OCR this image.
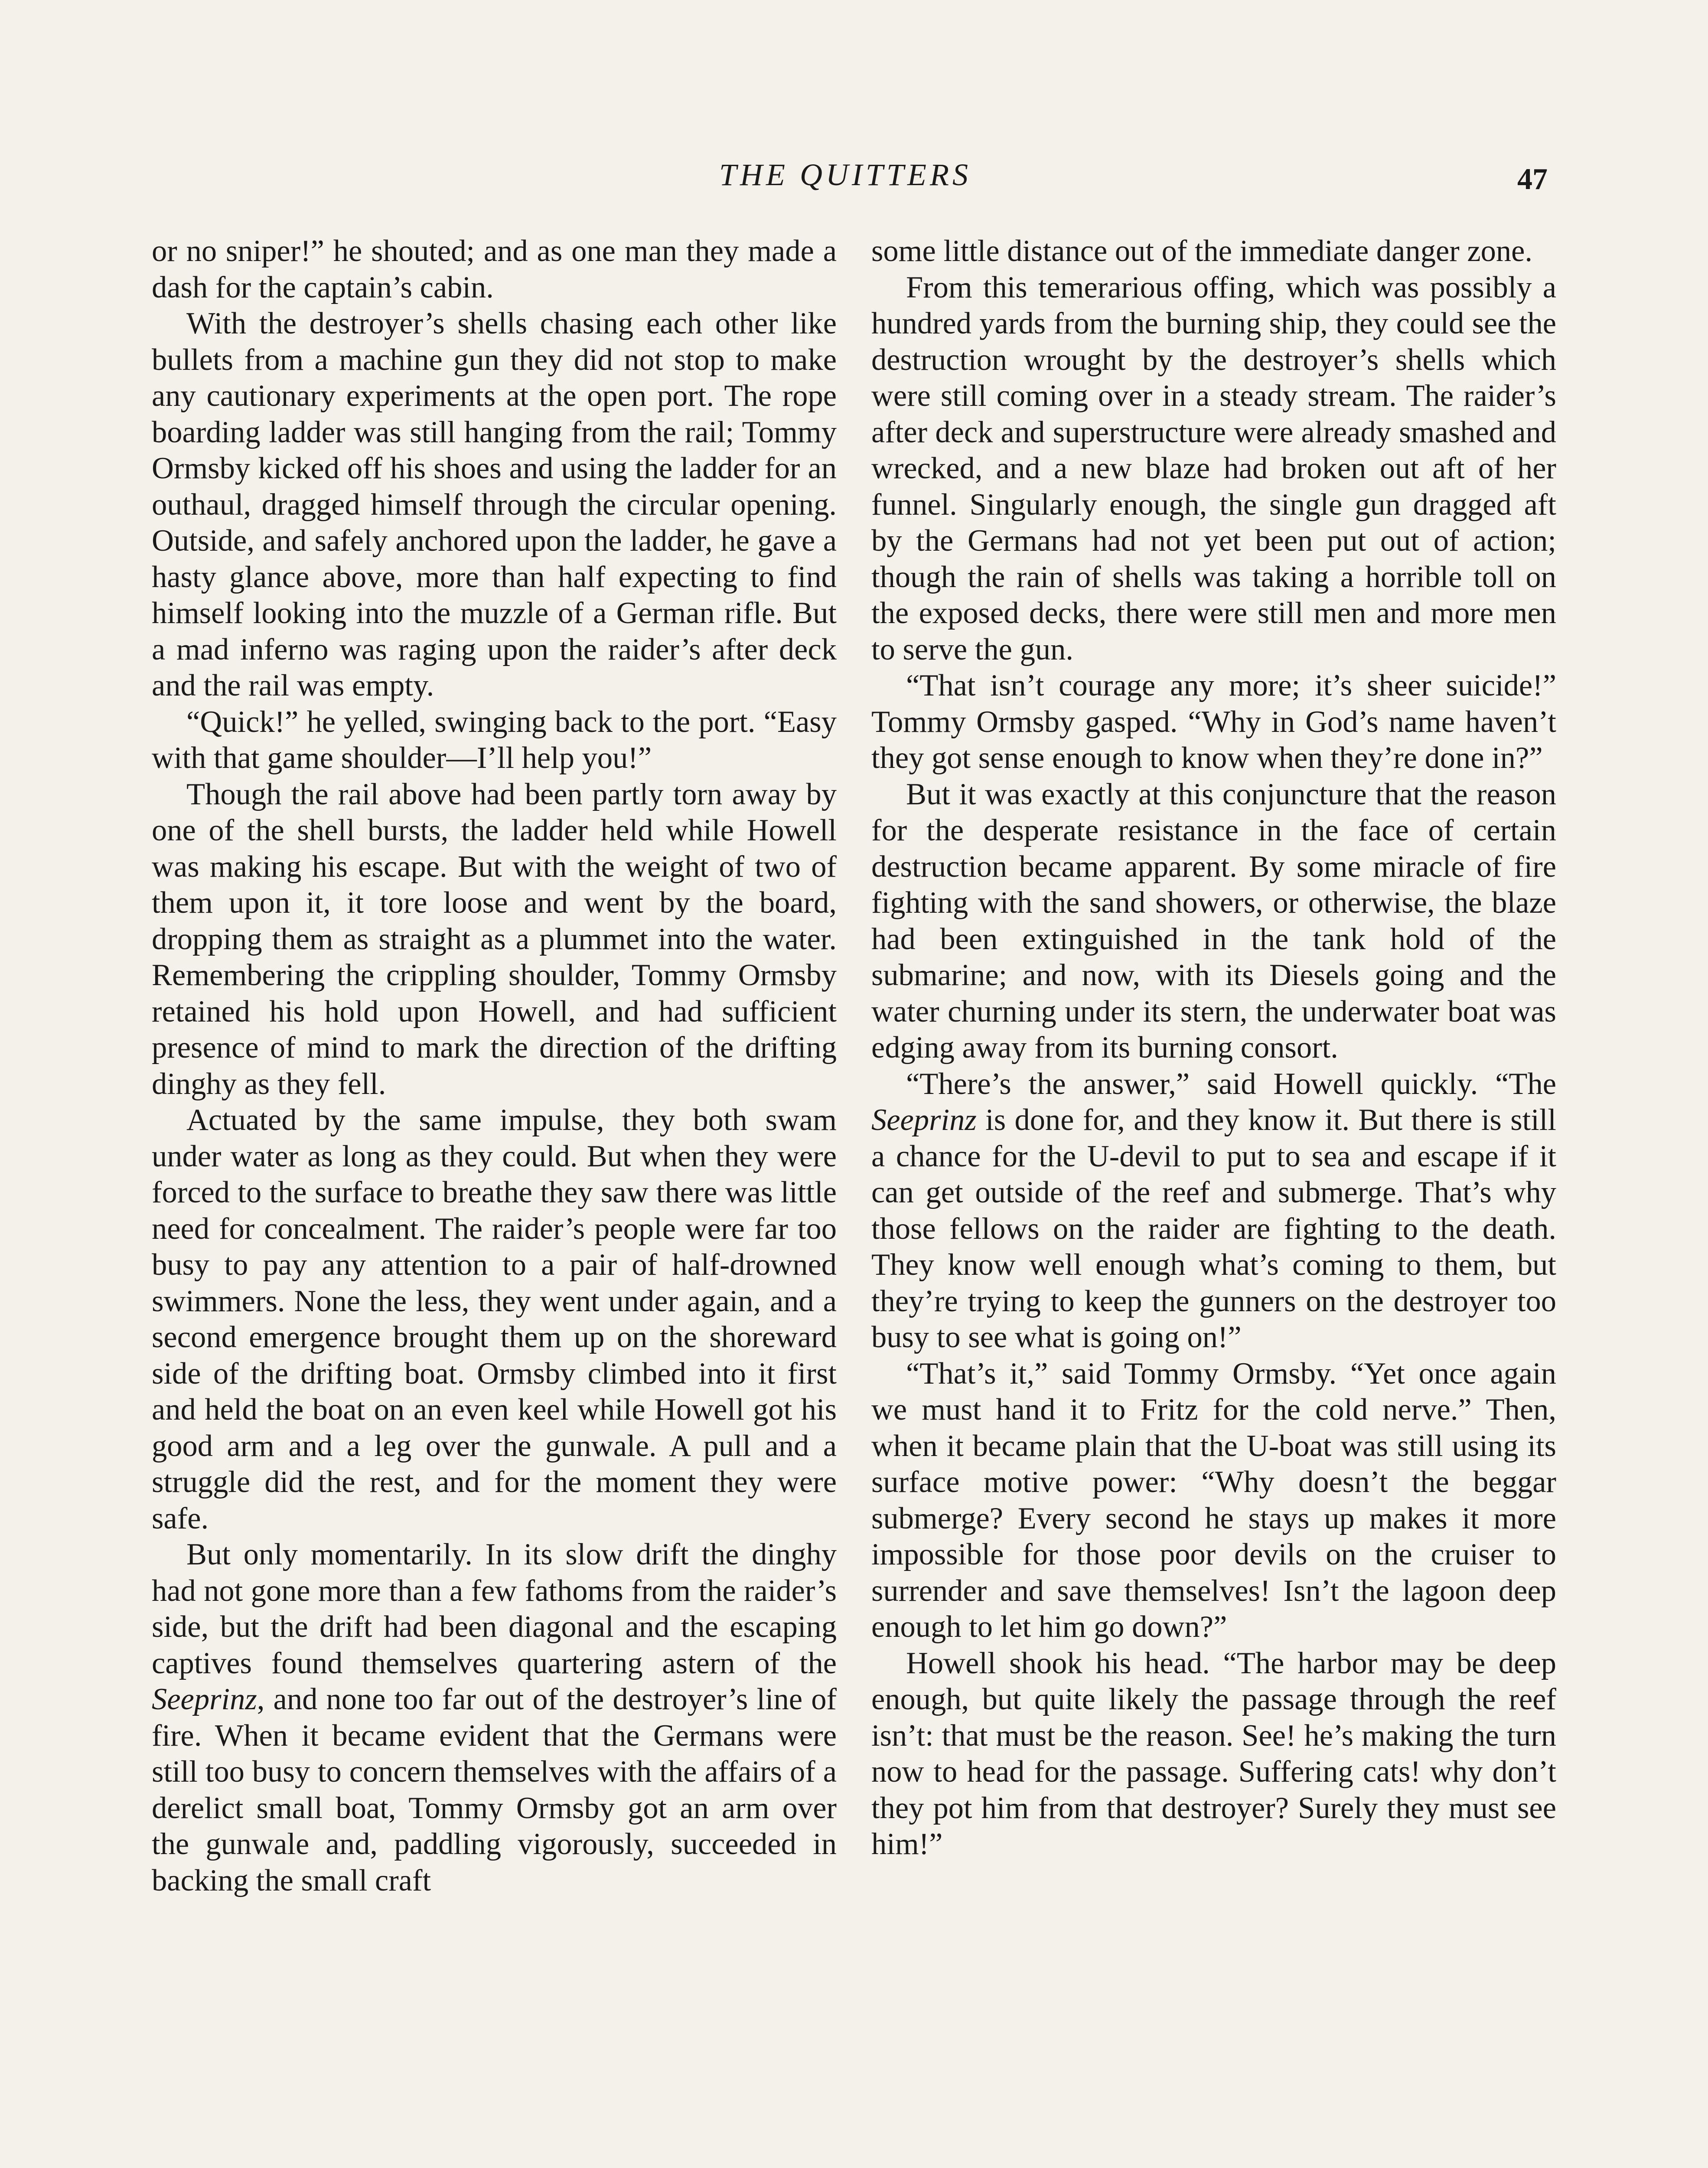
THE QUITTERS	47

or no sniper!” he shouted; and as one man they made a dash for the captain’s cabin.

With the destroyer’s shells chasing each other like bullets from a machine gun they did not stop to make any cautionary experiments at the open port. The rope boarding ladder was still hanging from the rail; Tommy Ormsby kicked off his shoes and using the ladder for an outhaul, dragged himself through the circular opening. Outside, and safely anchored upon the ladder, he gave a hasty glance above, more than half expecting to find himself looking into the muzzle of a German rifle. But a mad inferno was raging upon the raider’s after deck and the rail was empty.

“Quick!” he yelled, swinging back to the port. “Easy with that game shoulder—I’ll help you!”

Though the rail above had been partly torn away by one of the shell bursts, the ladder held while Howell was making his escape. But with the weight of two of them upon it, it tore loose and went by the board, dropping them as straight as a plummet into the water. Remembering the crippling shoulder, Tommy Ormsby retained his hold upon Howell, and had sufficient presence of mind to mark the direction of the drifting dinghy as they fell.

Actuated by the same impulse, they both swam under water as long as they could. But when they were forced to the surface to breathe they saw there was little need for concealment. The raider’s people were far too busy to pay any attention to a pair of half-drowned swimmers. None the less, they went under again, and a second emergence brought them up on the shoreward side of the drifting boat. Ormsby climbed into it first and held the boat on an even keel while Howell got his good arm and a leg over the gunwale. A pull and a struggle did the rest, and for the moment they were safe.

But only momentarily. In its slow drift the dinghy had not gone more than a few fathoms from the raider’s side, but the drift had been diagonal and the escaping captives found themselves quartering astern of the Seeprinz, and none too far out of the destroyer’s line of fire. When it became evident that the Germans were still too busy to concern themselves with the affairs of a derelict small boat, Tommy Ormsby got an arm over the gunwale and, paddling vigorously, succeeded in backing the small craft

some little distance out of the immediate danger zone.

From this temerarious offing, which was possibly a hundred yards from the burning ship, they could see the destruction wrought by the destroyer’s shells which were still coming over in a steady stream. The raider’s after deck and superstructure were already smashed and wrecked, and a new blaze had broken out aft of her funnel. Singularly enough, the single gun dragged aft by the Germans had not yet been put out of action; though the rain of shells was taking a horrible toll on the exposed decks, there were still men and more men to serve the gun.

“That isn’t courage any more; it’s sheer suicide!” Tommy Ormsby gasped. “Why in God’s name haven’t they got sense enough to know when they’re done in?”

But it was exactly at this conjuncture that the reason for the desperate resistance in the face of certain destruction became apparent. By some miracle of fire fighting with the sand showers, or otherwise, the blaze had been extinguished in the tank hold of the submarine; and now, with its Diesels going and the water churning under its stern, the underwater boat was edging away from its burning consort.

“There’s the answer,” said Howell quickly. “The Seeprinz is done for, and they know it. But there is still a chance for the U-devil to put to sea and escape if it can get outside of the reef and submerge. That’s why those fellows on the raider are fighting to the death. They know well enough what’s coming to them, but they’re trying to keep the gunners on the destroyer too busy to see what is going on!”

“That’s it,” said Tommy Ormsby. “Yet once again we must hand it to Fritz for the cold nerve.” Then, when it became plain that the U-boat was still using its surface motive power: “Why doesn’t the beggar submerge? Every second he stays up makes it more impossible for those poor devils on the cruiser to surrender and save themselves! Isn’t the lagoon deep enough to let him go down?”

Howell shook his head. “The harbor may be deep enough, but quite likely the passage through the reef isn’t: that must be the reason. See! he’s making the turn now to head for the passage. Suffering cats! why don’t they pot him from that destroyer? Surely they must see him!”
